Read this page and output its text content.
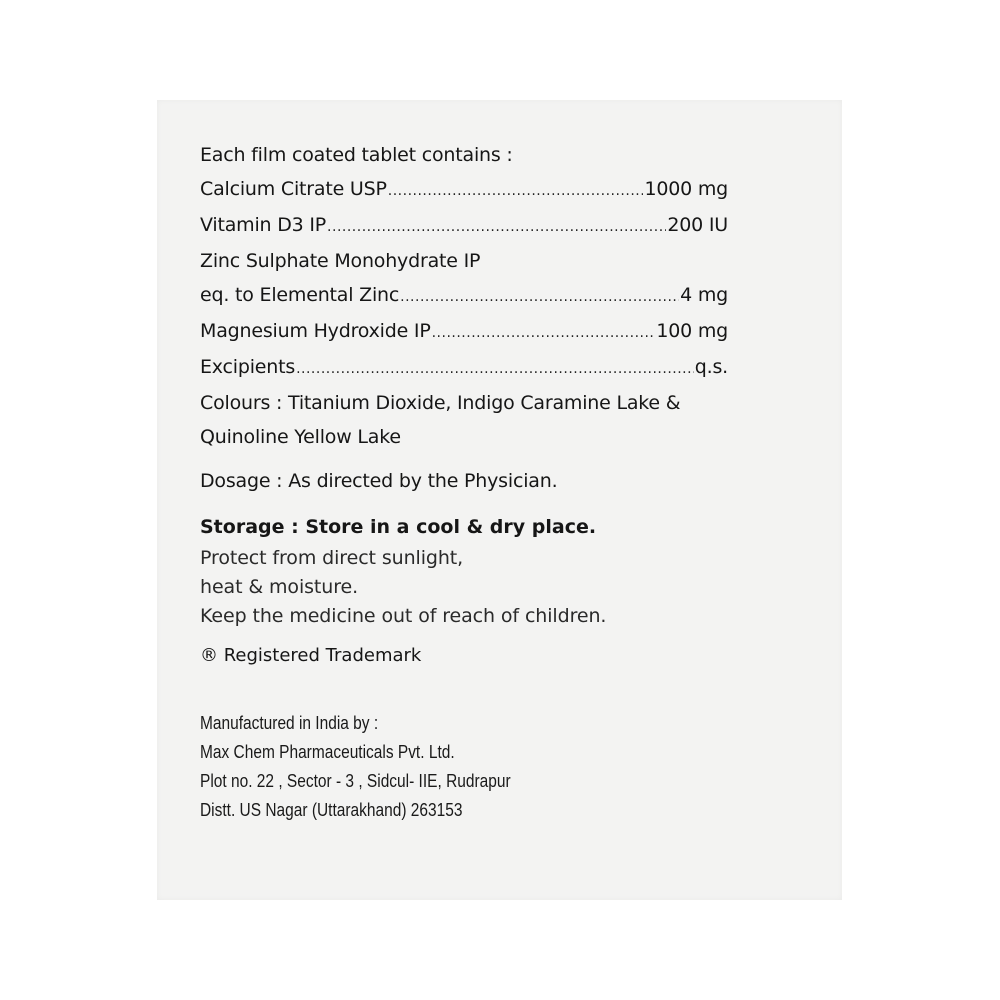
Each film coated tablet contains :
Calcium Citrate USP .....	1000 mg
Vitamin D3 IP .....	200 IU
Zinc Sulphate Monohydrate IP
eq. to Elemental Zinc .....	4 mg
Magnesium Hydroxide IP .....	100 mg
Excipients .....	q.s.
Colours : Titanium Dioxide, Indigo Caramine Lake &
Quinoline Yellow Lake
Dosage : As directed by the Physician.
Storage : Store in a cool & dry place.
Protect from direct sunlight,
heat & moisture.
Keep the medicine out of reach of children.
® Registered Trademark
Manufactured in India by :
Max Chem Pharmaceuticals Pvt. Ltd.
Plot no. 22 , Sector - 3 , Sidcul- IIE, Rudrapur
Distt. US Nagar (Uttarakhand) 263153
